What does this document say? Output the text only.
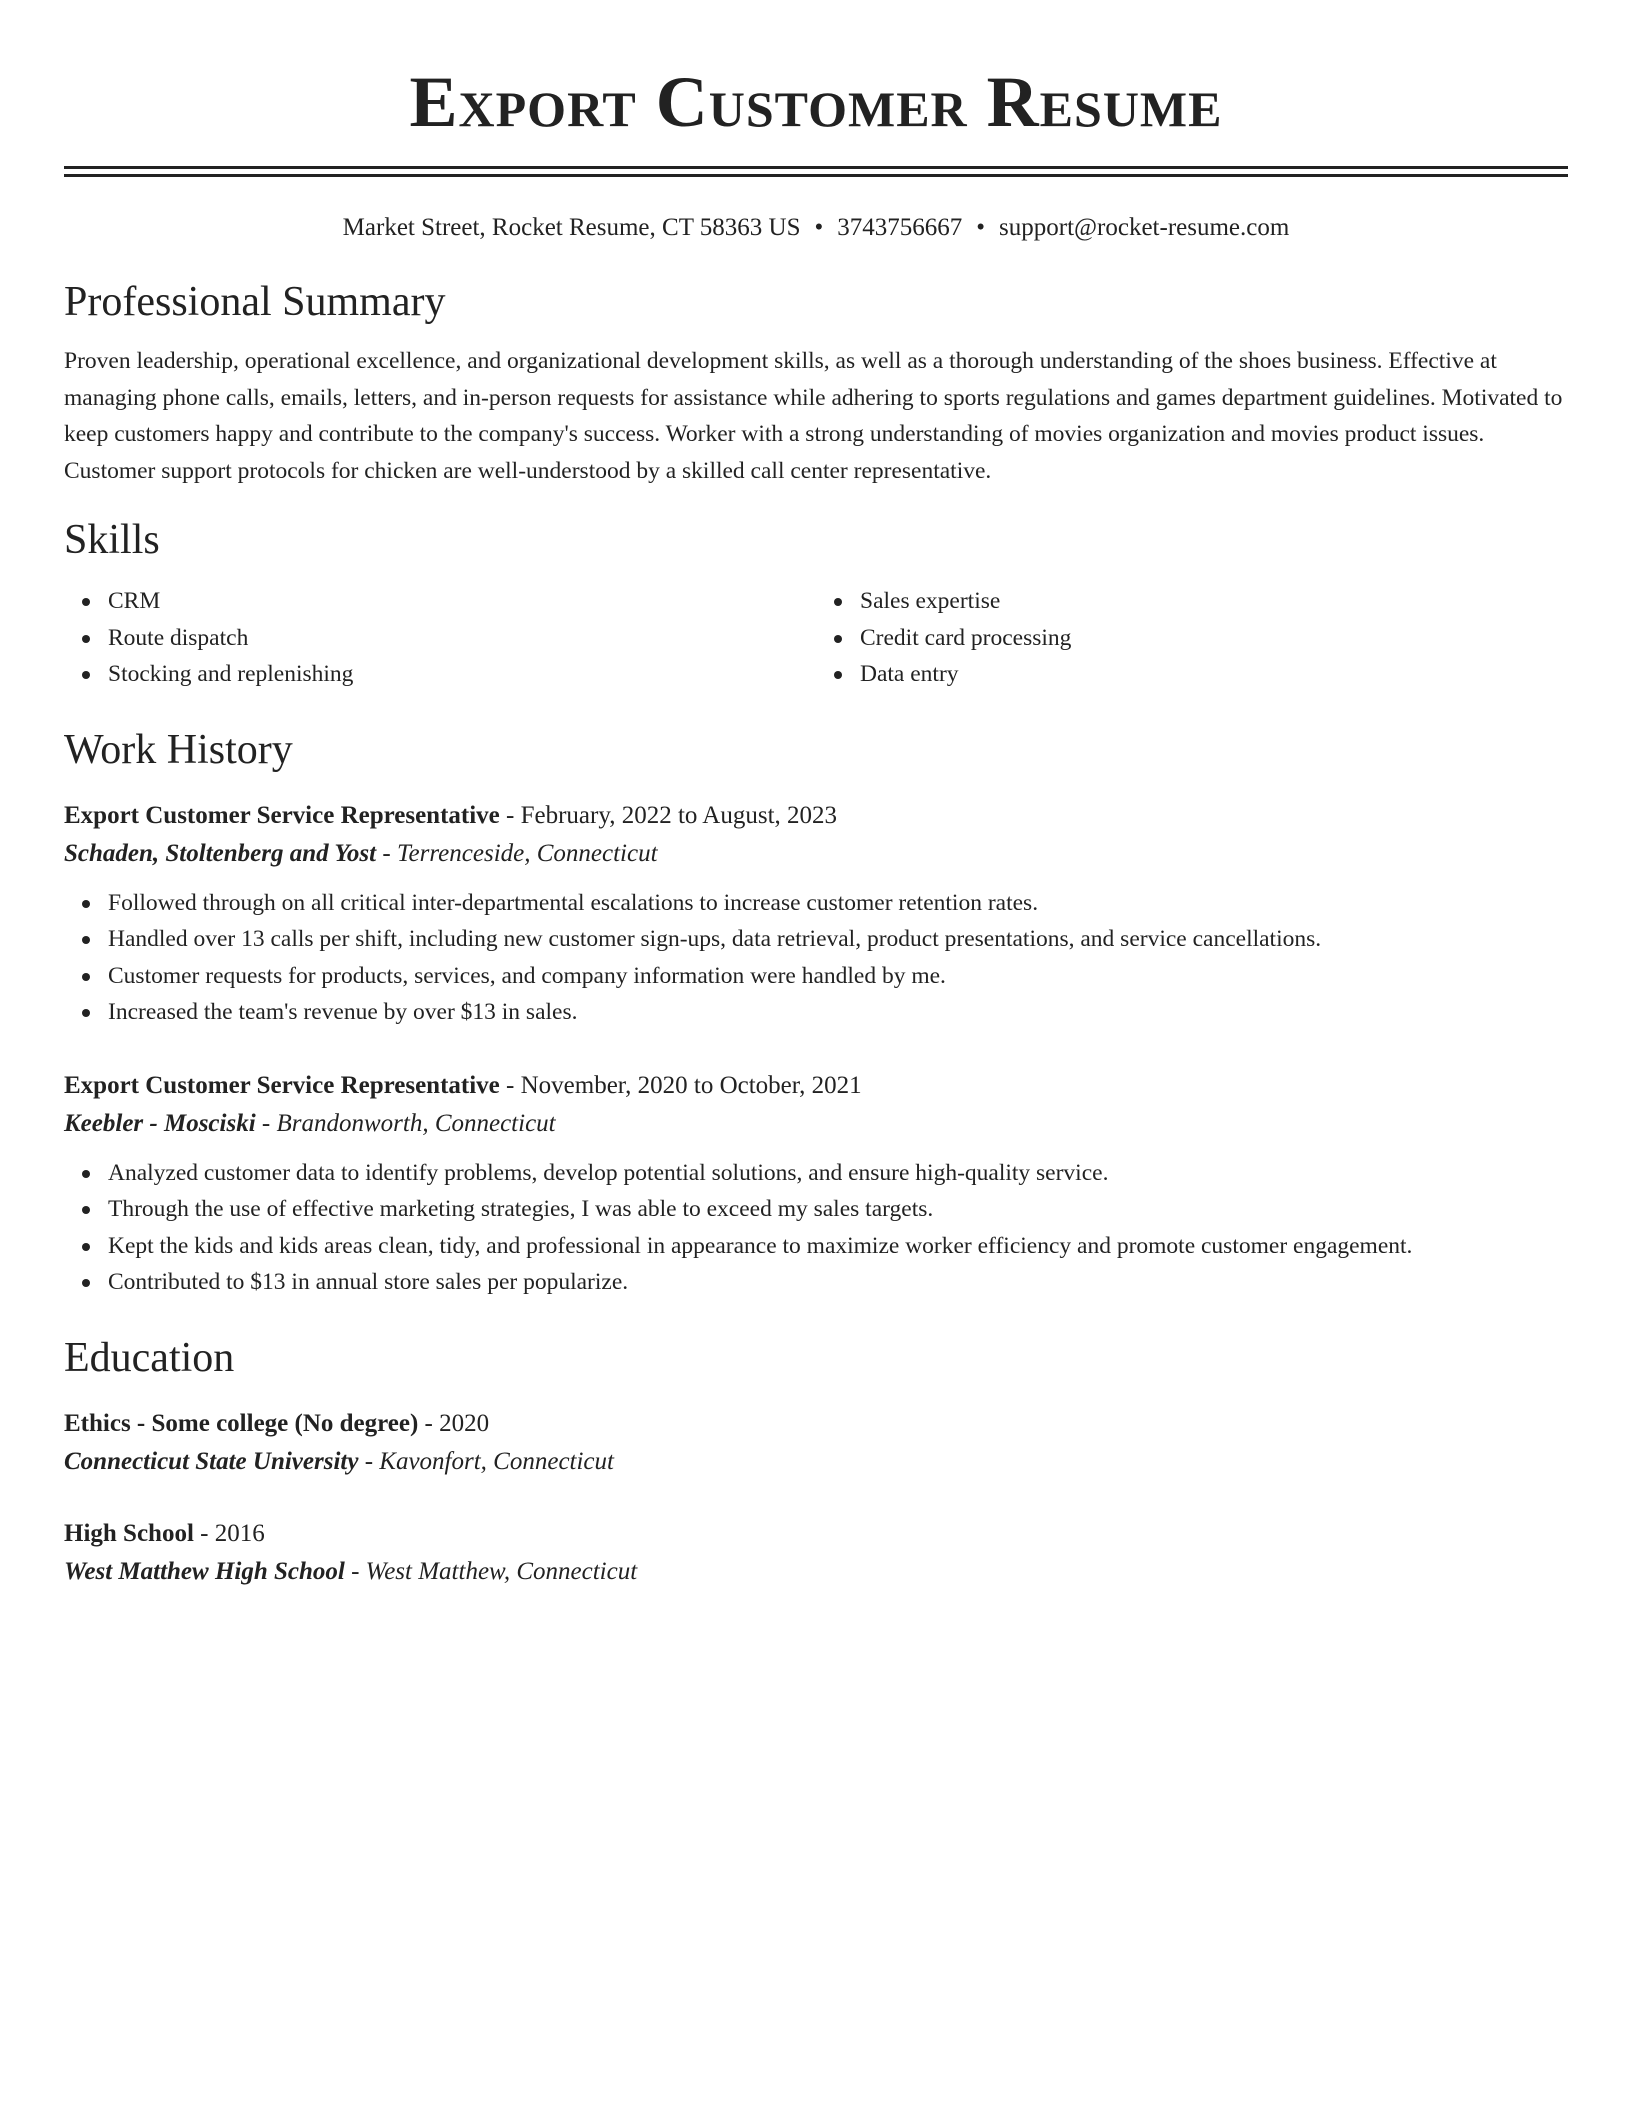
Export Customer Resume
Market Street, Rocket Resume, CT 58363 US • 3743756667 • support@rocket-resume.com
Professional Summary

Proven leadership, operational excellence, and organizational development skills, as well as a thorough understanding of the shoes business. Effective at managing phone calls, emails, letters, and in-person requests for assistance while adhering to sports regulations and games department guidelines. Motivated to keep customers happy and contribute to the company's success. Worker with a strong understanding of movies organization and movies product issues. Customer support protocols for chicken are well-understood by a skilled call center representative.

Skills
CRM
Route dispatch
Stocking and replenishing
Sales expertise
Credit card processing
Data entry
Work History
Export Customer Service Representative - February, 2022 to August, 2023
Schaden, Stoltenberg and Yost - Terrenceside, Connecticut
Followed through on all critical inter-departmental escalations to increase customer retention rates.
Handled over 13 calls per shift, including new customer sign-ups, data retrieval, product presentations, and service cancellations.
Customer requests for products, services, and company information were handled by me.
Increased the team's revenue by over $13 in sales.
Export Customer Service Representative - November, 2020 to October, 2021
Keebler - Mosciski - Brandonworth, Connecticut
Analyzed customer data to identify problems, develop potential solutions, and ensure high-quality service.
Through the use of effective marketing strategies, I was able to exceed my sales targets.
Kept the kids and kids areas clean, tidy, and professional in appearance to maximize worker efficiency and promote customer engagement.
Contributed to $13 in annual store sales per popularize.
Education
Ethics - Some college (No degree) - 2020
Connecticut State University - Kavonfort, Connecticut
High School - 2016
West Matthew High School - West Matthew, Connecticut
